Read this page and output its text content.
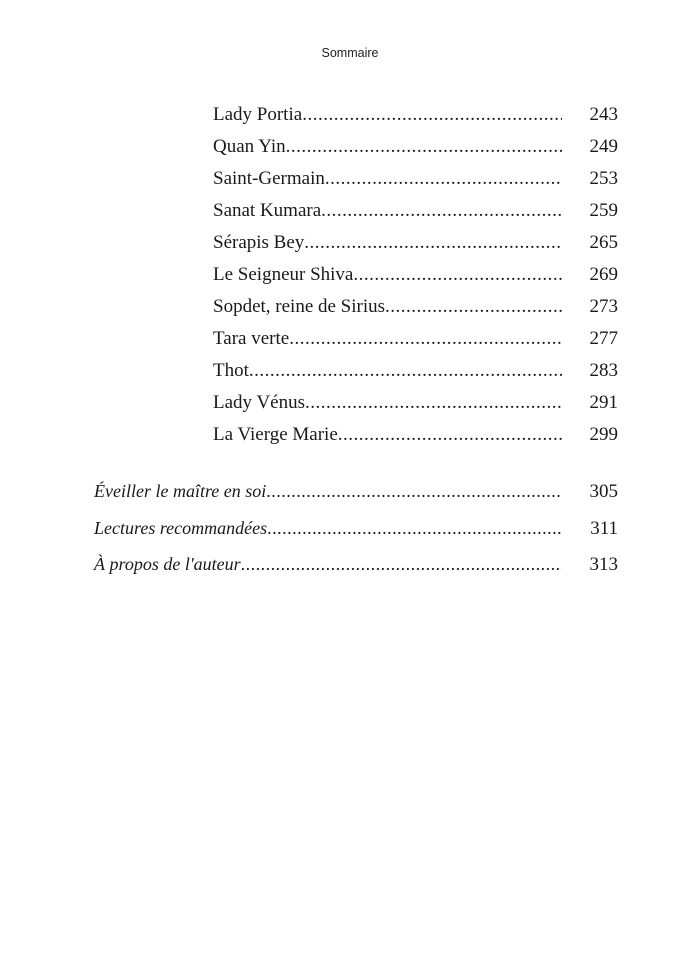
Sommaire
Lady Portia .....	243
Quan Yin .....	249
Saint-Germain .....	253
Sanat Kumara .....	259
Sérapis Bey .....	265
Le Seigneur Shiva .....	269
Sopdet, reine de Sirius .....	273
Tara verte .....	277
Thot .....	283
Lady Vénus .....	291
La Vierge Marie .....	299
Éveiller le maître en soi .....	305
Lectures recommandées .....	311
À propos de l'auteur .....	313
